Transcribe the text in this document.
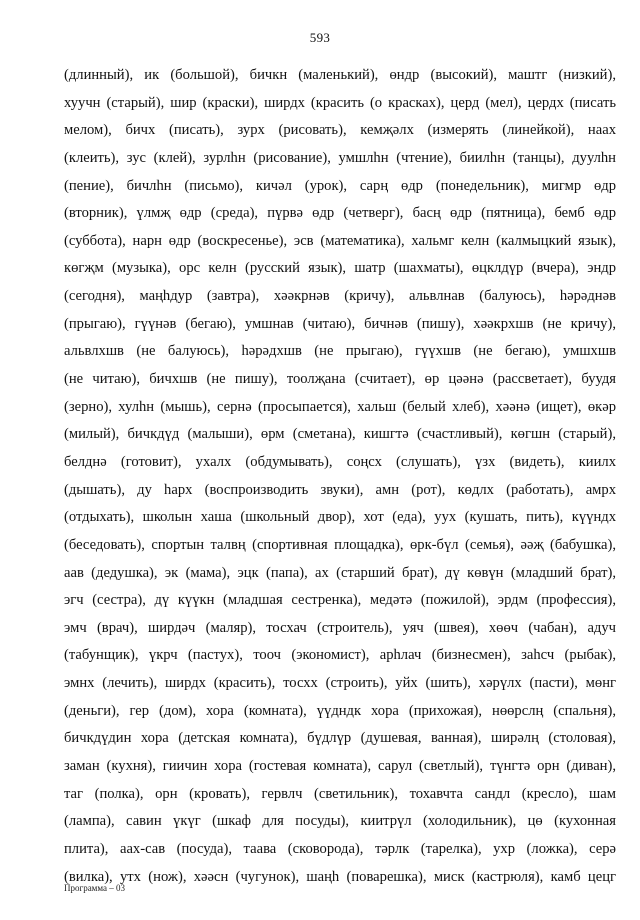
593
(длинный), ик (большой), бичкн (маленький), өндр (высокий), маштг (низкий),
хуучн (старый), шир (краски), ширдх (красить (о красках), церд (мел), цердх (писать
мелом), бичх (писать), зурх (рисовать), кемҗәлх (измерять (линейкой), наах
(клеить), зус (клей), зурлһн (рисование), умшлһн (чтение), биилһн (танцы), дуулһн
(пение), бичлһн (письмо), кичәл (урок), сарң өдр (понедельник), мигмр өдр
(вторник), үлмҗ өдр (среда), пүрвә өдр (четверг), басң өдр (пятница), бемб өдр
(суббота), нарн өдр (воскресенье), эсв (математика), хальмг келн (калмыцкий язык),
көгҗм (музыка), орс келн (русский язык), шатр (шахматы), өцклдүр (вчера), эндр
(сегодня), маңһдур (завтра), хәәкрнәв (кричу), альвлнав (балуюсь), һәрәднәв
(прыгаю), гүүнәв (бегаю), умшнав (читаю), бичнәв (пишу), хәәкрхшв (не кричу),
альвлхшв (не балуюсь), һәрәдхшв (не прыгаю), гүүхшв (не бегаю), умшхшв
(не читаю), бичхшв (не пишу), тоолҗана (считает), өр цәәнә (рассветает), буудя
(зерно), хулһн (мышь), сернә (просыпается), хальш (белый хлеб), хәәнә (ищет), өкәр
(милый), бичкдүд (малыши), өрм (сметана), кишгтә (счастливый), көгшн (старый),
белднә (готовит), ухалх (обдумывать), соңсх (слушать), үзх (видеть), киилх
(дышать), ду һарх (воспроизводить звуки), амн (рот), көдлх (работать), амрх
(отдыхать), школын хаша (школьный двор), хот (еда), уух (кушать, пить), күүндх
(беседовать), спортын талвң (спортивная площадка), өрк-бүл (семья), әәҗ (бабушка),
аав (дедушка), эк (мама), эцк (папа), ах (старший брат), дү көвүн (младший брат),
эгч (сестра), дү күүкн (младшая сестренка), медәтә (пожилой), эрдм (профессия),
эмч (врач), ширдәч (маляр), тосхач (строитель), уяч (швея), хөөч (чабан), адуч
(табунщик), үкрч (пастух), тооч (экономист), арһлач (бизнесмен), заһсч (рыбак),
эмнх (лечить), ширдх (красить), тосхх (строить), уйх (шить), хәрүлх (пасти), мөнг
(деньги), гер (дом), хора (комната), үүдндк хора (прихожая), нөөрслң (спальня),
бичкдүдин хора (детская комната), бүдлүр (душевая, ванная), ширәлң (столовая),
заман (кухня), гиичин хора (гостевая комната), сарул (светлый), түнгтә орн (диван),
таг (полка), орн (кровать), гервлч (светильник), тохавчта сандл (кресло), шам
(лампа), савин үкүг (шкаф для посуды), киитрүл (холодильник), цө (кухонная
плита), аах-сав (посуда), таава (сковорода), тәрлк (тарелка), ухр (ложка), серә
(вилка), утх (нож), хәәсн (чугунок), шаңһ (поварешка), миск (кастрюля), камб цецг
Программа – 03
